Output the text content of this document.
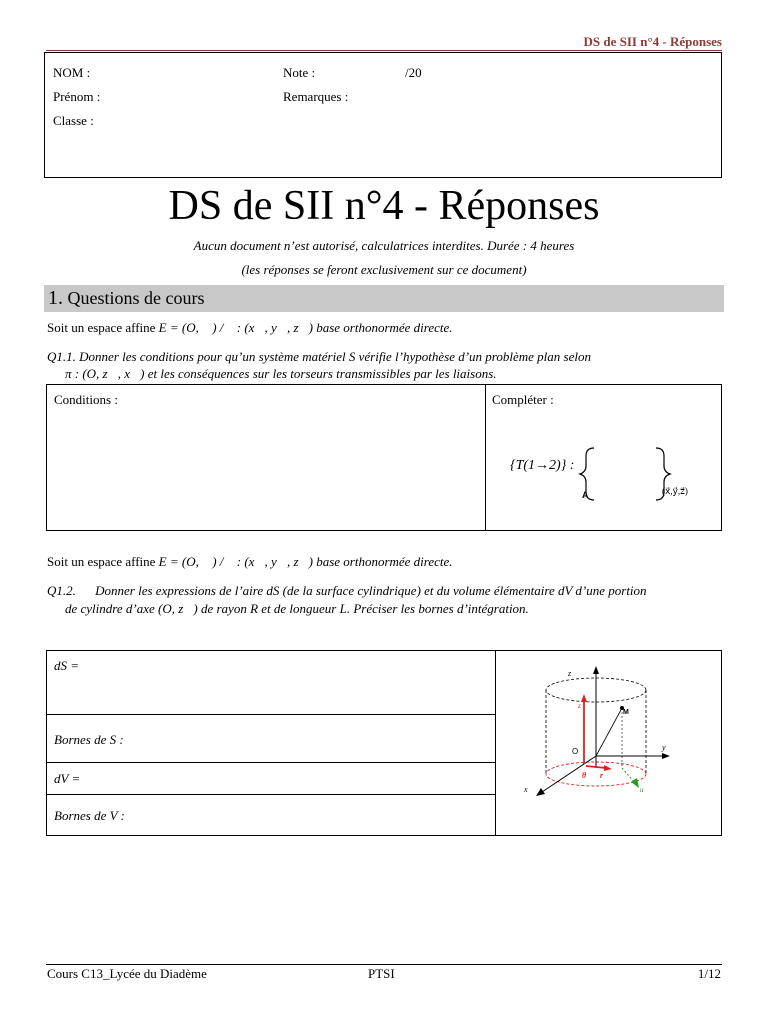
DS de SII n°4 - Réponses
NOM :
Prénom :
Classe :
Note :	/20
Remarques :
DS de SII n°4 - Réponses
Aucun document n’est autorisé, calculatrices interdites. Durée : 4 heures
(les réponses se feront exclusivement sur ce document)
1. Questions de cours
Soit un espace affine E = (O, ℬ) / ℬ: (x⃗, y⃗, z⃗) base orthonormée directe.
Q1.1. Donner les conditions pour qu’un système matériel S vérifie l’hypothèse d’un problème plan selon
π : (O, z⃗, x⃗) et les conséquences sur les torseurs transmissibles par les liaisons.
Conditions :	Compléter :
{T(1→2)} :
A	(x⃗,y⃗,z⃗)
Soit un espace affine E = (O, ℬ) / ℬ: (x⃗, y⃗, z⃗) base orthonormée directe.
Q1.2. Donner les expressions de l’aire dS (de la surface cylindrique) et du volume élémentaire dV d’une portion
de cylindre d’axe (O, z⃗) de rayon R et de longueur L. Préciser les bornes d’intégration.
dS =
Bornes de S :
dV =
Bornes de V :
z
y
x
O
M
θ r
u
z
Cours C13_Lycée du Diadème	PTSI	1/12
